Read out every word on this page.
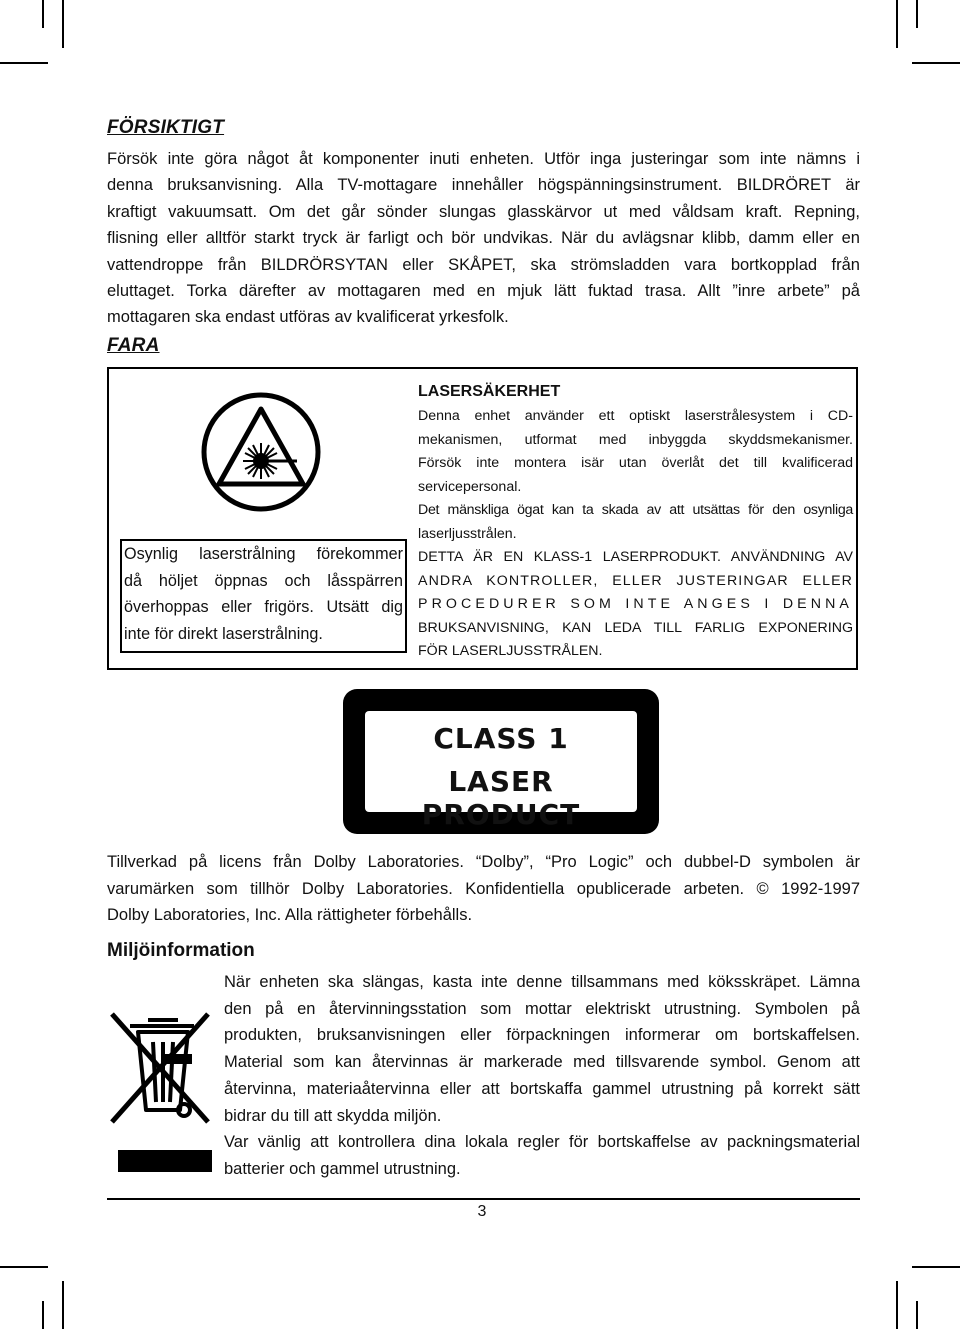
FÖRSIKTIGT

Försök inte göra något åt komponenter inuti enheten. Utför inga justeringar som inte nämns i

denna bruksanvisning. Alla TV-mottagare innehåller högspänningsinstrument. BILDRÖRET är

kraftigt vakuumsatt. Om det går sönder slungas glasskärvor ut med våldsam kraft. Repning,

flisning eller alltför starkt tryck är farligt och bör undvikas. När du avlägsnar klibb, damm eller en

vattendroppe från BILDRÖRSYTAN eller SKÅPET, ska strömsladden vara bortkopplad från

eluttaget. Torka därefter av mottagaren med en mjuk lätt fuktad trasa. Allt ”inre arbete” på

mottagaren ska endast utföras av kvalificerat yrkesfolk.

FARA

Osynlig laserstrålning förekommer

då höljet öppnas och låsspärren

överhoppas eller frigörs. Utsätt dig

inte för direkt laserstrålning.

LASERSÄKERHET

Denna enhet använder ett optiskt laserstrålesystem i CD-

mekanismen, utformat med inbyggda skyddsmekanismer.

Försök inte montera isär utan överlåt det till kvalificerad

servicepersonal.

Det mänskliga ögat kan ta skada av att utsättas för den osynliga

laserljusstrålen.

DETTA ÄR EN KLASS-1 LASERPRODUKT. ANVÄNDNING AV

ANDRA KONTROLLER, ELLER JUSTERINGAR ELLER

PROCEDURER SOM INTE ANGES I DENNA

BRUKSANVISNING, KAN LEDA TILL FARLIG EXPONERING

FÖR LASERLJUSSTRÅLEN.

CLASS 1
LASER PRODUCT

Tillverkad på licens från Dolby Laboratories. “Dolby”, “Pro Logic” och dubbel-D symbolen är

varumärken som tillhör Dolby Laboratories. Konfidentiella opublicerade arbeten. © 1992-1997

Dolby Laboratories, Inc. Alla rättigheter förbehålls.

Miljöinformation

När enheten ska slängas, kasta inte denne tillsammans med köksskräpet. Lämna

den på en återvinningsstation som mottar elektriskt utrustning. Symbolen på

produkten, bruksanvisningen eller förpackningen informerar om bortskaffelsen.

Material som kan återvinnas är markerade med tillsvarende symbol. Genom att

återvinna, materiaåtervinna eller att bortskaffa gammel utrustning på korrekt sätt

bidrar du till att skydda miljön.

Var vänlig att kontrollera dina lokala regler för bortskaffelse av packningsmaterial

batterier och gammel utrustning.

3
